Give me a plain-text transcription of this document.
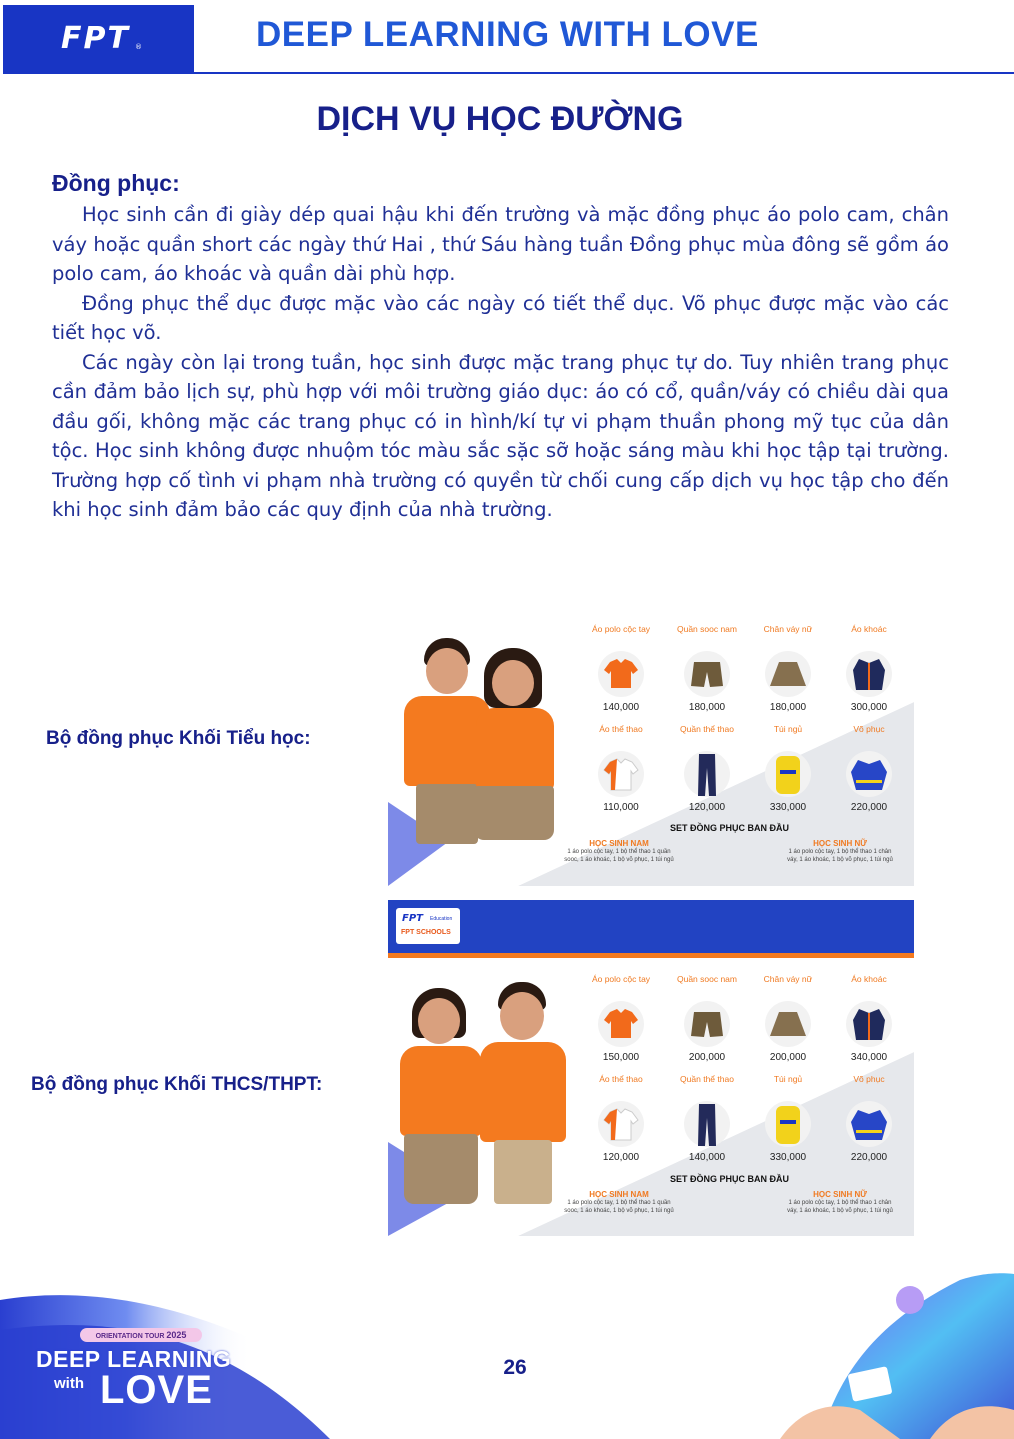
FPT ®	DEEP LEARNING WITH LOVE
DỊCH VỤ HỌC ĐƯỜNG
Đồng phục:

Học sinh cần đi giày dép quai hậu khi đến trường và mặc đồng phục áo polo cam, chân váy hoặc quần short các ngày thứ Hai , thứ Sáu hàng tuần Đồng phục mùa đông sẽ gồm áo polo cam, áo khoác và quần dài phù hợp.

Đồng phục thể dục được mặc vào các ngày có tiết thể dục. Võ phục được mặc vào các tiết học võ.

Các ngày còn lại trong tuần, học sinh được mặc trang phục tự do. Tuy nhiên trang phục cần đảm bảo lịch sự, phù hợp với môi trường giáo dục: áo có cổ, quần/váy có chiều dài qua đầu gối, không mặc các trang phục có in hình/kí tự vi phạm thuần phong mỹ tục của dân tộc. Học sinh không được nhuộm tóc màu sắc sặc sỡ hoặc sáng màu khi học tập tại trường. Trường hợp cố tình vi phạm nhà trường có quyền từ chối cung cấp dịch vụ học tập cho đến khi học sinh đảm bảo các quy định của nhà trường.

Bộ đồng phục Khối Tiểu học:
Bộ đồng phục Khối THCS/THPT:
Áo polo cộc tay
140,000
Quần sooc nam
180,000
Chân váy nữ
180,000
Áo khoác
300,000
Áo thể thao
110,000
Quần thể thao
120,000
Túi ngủ
330,000
Võ phục
220,000
SET ĐỒNG PHỤC BAN ĐẦU
HỌC SINH NAM
1 áo polo cộc tay, 1 bộ thể thao 1 quần sooc, 1 áo khoác, 1 bộ võ phục, 1 túi ngủ
HỌC SINH NỮ
1 áo polo cộc tay, 1 bộ thể thao 1 chân váy, 1 áo khoác, 1 bộ võ phục, 1 túi ngủ
FPT Education
FPT SCHOOLS
Áo polo cộc tay
150,000
Quần sooc nam
200,000
Chân váy nữ
200,000
Áo khoác
340,000
Áo thể thao
120,000
Quần thể thao
140,000
Túi ngủ
330,000
Võ phục
220,000
SET ĐỒNG PHỤC BAN ĐẦU
HỌC SINH NAM
1 áo polo cộc tay, 1 bộ thể thao 1 quần sooc, 1 áo khoác, 1 bộ võ phục, 1 túi ngủ
HỌC SINH NỮ
1 áo polo cộc tay, 1 bộ thể thao 1 chân váy, 1 áo khoác, 1 bộ võ phục, 1 túi ngủ
ORIENTATION TOUR 2025
DEEP LEARNING
with LOVE
26
